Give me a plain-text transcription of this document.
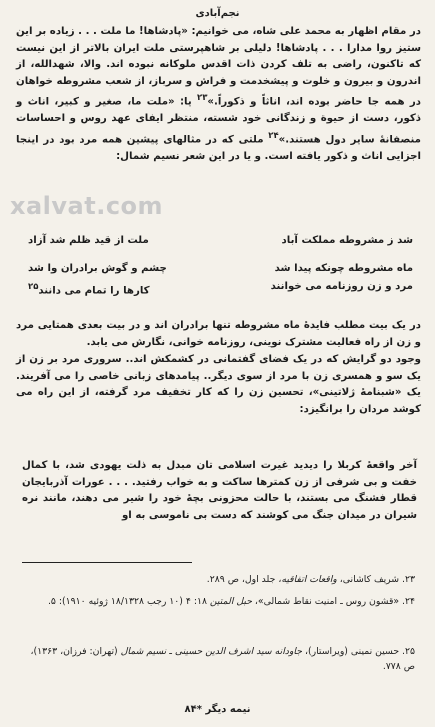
نجم‌آبادی
xalvat.com
در مقام اظهار به محمد علی شاه، می خوانیم: «پادشاها! ما ملت . . . زیاده بر این ستیز روا مدارا . . . پادشاها! دلیلی بر شاهپرستی ملت ایران بالاتر از این نیست که تاکنون، راضی به تلف کردن ذات اقدس ملوکانه نبوده اند. والا، شهدالله، از اندرون و بیرون و خلوت و پیشخدمت و فراش و سرباز، از شعب مشروطه خواهان در همه جا حاضر بوده اند، اناثاً و ذکوراً.»$^{۲۳}$ یا: «ملت ما، صغیر و کبیر، اناث و ذکور، دست از حیوة و زندگانی خود شسته، منتظر ایفای عهد روس و احساسات منصفانهٔ سایر دول هستند.»$^{۲۴}$ ملتی که در مثالهای پیشین همه مرد بود در اینجا اجزایی اناث و ذکور یافته است. و یا در این شعر نسیم شمال:
شد ز مشروطه مملکت آباد
ملت از قید ظلم شد آزاد
ماه مشروطه چونکه پیدا شد
چشم و گوش برادران وا شد
مرد و زن روزنامه می خوانند
کارها را تمام می دانند$^{۲۵}$
در یک بیت مطلب فایدهٔ ماه مشروطه تنها برادران اند و در بیت بعدی همتایی مرد و زن از راه فعالیت مشترک نوینی، روزنامه خوانی، نگارش می یابد.
وجود دو گرایش که در یک فضای گفتمانی در کشمکش اند.. سروری مرد بر زن از یک سو و همسری زن با مرد از سوی دیگر.. پیامدهای زبانی خاصی را می آفریند. یک «شبنامهٔ ژلاتینی»، تحسین زن را که کار تخفیف مرد گرفته، از این راه می کوشد مردان را برانگیزد:
آخر واقعهٔ کربلا را دیدید غیرت اسلامی تان مبدل به ذلت یهودی شد، با کمال خفت و بی شرفی از زن کمترها ساکت و به خواب رفتید. . . . عورات آذربایجان قطار فشنگ می بستند، با حالت محزونی بچهٔ خود را شیر می دهند، مانند نره شیران در میدان جنگ می کوشند که دست بی ناموسی به او
۲۳. شریف کاشانی، واقعات اتفاقیه، جلد اول، ص ۲۸۹.
۲۴. «قشون روس ـ امنیت نقاط شمالی»، حبل المتین ۱۸: ۴ (۱۰ رجب ۱۸/۱۳۲۸ ژوئیه ۱۹۱۰): ۵.
۲۵. حسین نمینی (ویراستار)، جاودانه سید اشرف الدین حسینی ـ نسیم شمال (تهران: فرزان، ۱۳۶۳)، ص ۷۷۸.
نیمه دیگر *۸۴
